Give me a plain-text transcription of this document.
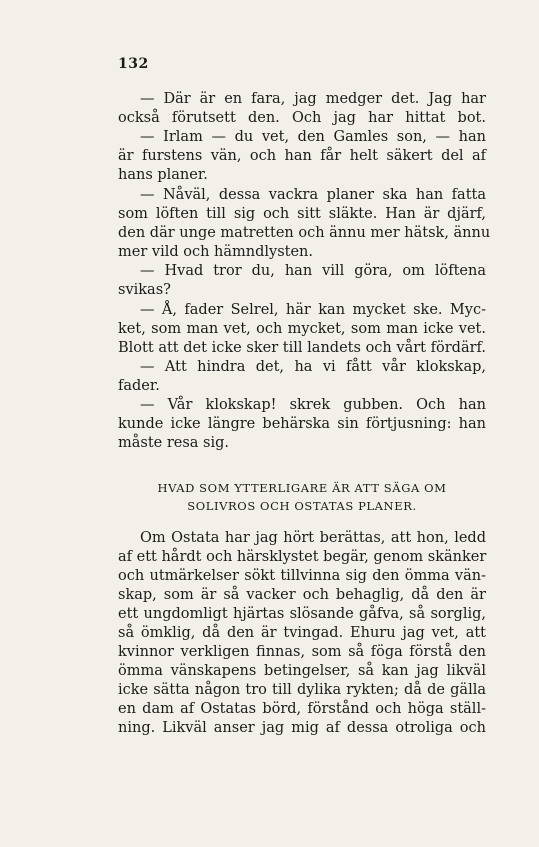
132
— Där är en fara, jag medger det. Jag har
också förutsett den. Och jag har hittat bot.
— Irlam — du vet, den Gamles son, — han
är furstens vän, och han får helt säkert del af
hans planer.
— Nåväl, dessa vackra planer ska han fatta
som löften till sig och sitt släkte. Han är djärf,
den där unge matretten och ännu mer hätsk, ännu
mer vild och hämndlysten.
— Hvad tror du, han vill göra, om löftena
svikas?
— Å, fader Selrel, här kan mycket ske. Myc-
ket, som man vet, och mycket, som man icke vet.
Blott att det icke sker till landets och vårt fördärf.
— Att hindra det, ha vi fått vår klokskap,
fader.
— Vår klokskap! skrek gubben. Och han
kunde icke längre behärska sin förtjusning: han
måste resa sig.
HVAD SOM YTTERLIGARE ÄR ATT SÄGA OM
SOLIVROS OCH OSTATAS PLANER.
Om Ostata har jag hört berättas, att hon, ledd
af ett hårdt och härsklystet begär, genom skänker
och utmärkelser sökt tillvinna sig den ömma vän-
skap, som är så vacker och behaglig, då den är
ett ungdomligt hjärtas slösande gåfva, så sorglig,
så ömklig, då den är tvingad. Ehuru jag vet, att
kvinnor verkligen finnas, som så föga förstå den
ömma vänskapens betingelser, så kan jag likväl
icke sätta någon tro till dylika rykten; då de gälla
en dam af Ostatas börd, förstånd och höga ställ-
ning. Likväl anser jag mig af dessa otroliga och
